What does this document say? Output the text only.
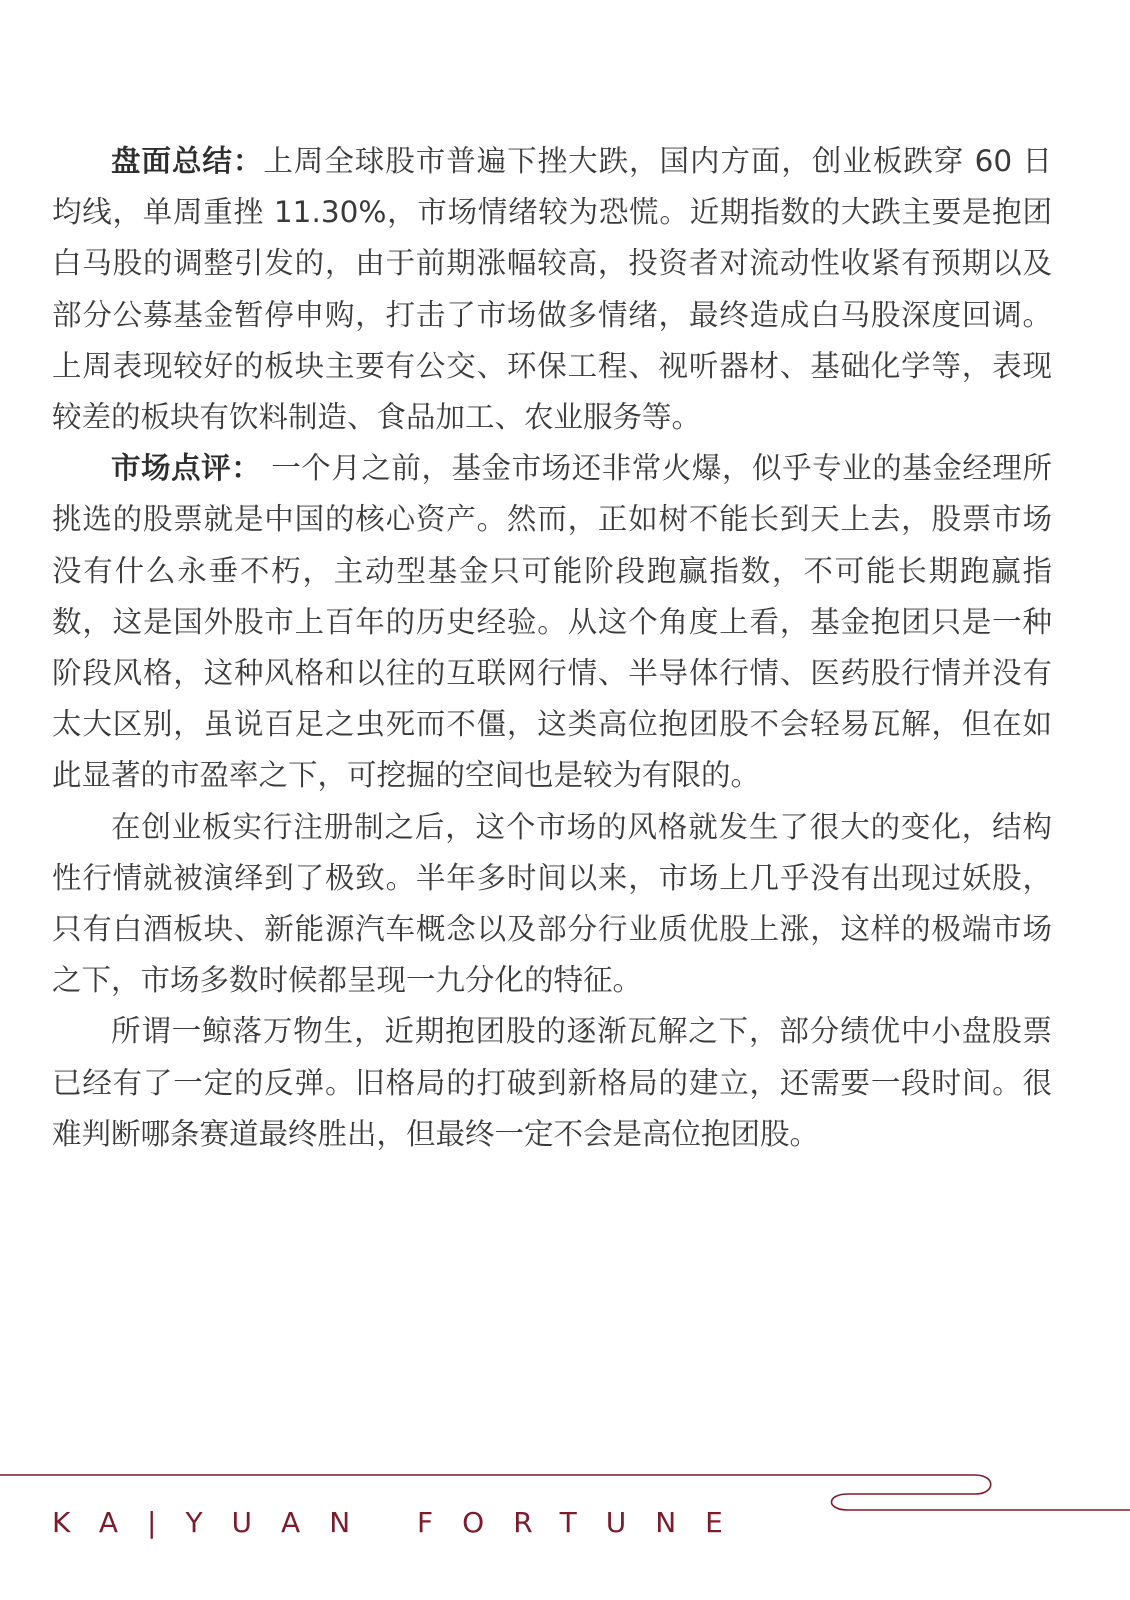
盘面总结：上周全球股市普遍下挫大跌，国内方面，创业板跌穿 60 日均线，单周重挫 11.30%，市场情绪较为恐慌。近期指数的大跌主要是抱团白马股的调整引发的，由于前期涨幅较高，投资者对流动性收紧有预期以及部分公募基金暂停申购，打击了市场做多情绪，最终造成白马股深度回调。上周表现较好的板块主要有公交、环保工程、视听器材、基础化学等，表现较差的板块有饮料制造、食品加工、农业服务等。

市场点评： 一个月之前，基金市场还非常火爆，似乎专业的基金经理所挑选的股票就是中国的核心资产。然而，正如树不能长到天上去，股票市场没有什么永垂不朽，主动型基金只可能阶段跑赢指数，不可能长期跑赢指数，这是国外股市上百年的历史经验。从这个角度上看，基金抱团只是一种阶段风格，这种风格和以往的互联网行情、半导体行情、医药股行情并没有太大区别，虽说百足之虫死而不僵，这类高位抱团股不会轻易瓦解，但在如此显著的市盈率之下，可挖掘的空间也是较为有限的。

在创业板实行注册制之后，这个市场的风格就发生了很大的变化，结构性行情就被演绎到了极致。半年多时间以来，市场上几乎没有出现过妖股，只有白酒板块、新能源汽车概念以及部分行业质优股上涨，这样的极端市场之下，市场多数时候都呈现一九分化的特征。

所谓一鲸落万物生，近期抱团股的逐渐瓦解之下，部分绩优中小盘股票已经有了一定的反弹。旧格局的打破到新格局的建立，还需要一段时间。很难判断哪条赛道最终胜出，但最终一定不会是高位抱团股。

KA|YUAN FORTUNE
